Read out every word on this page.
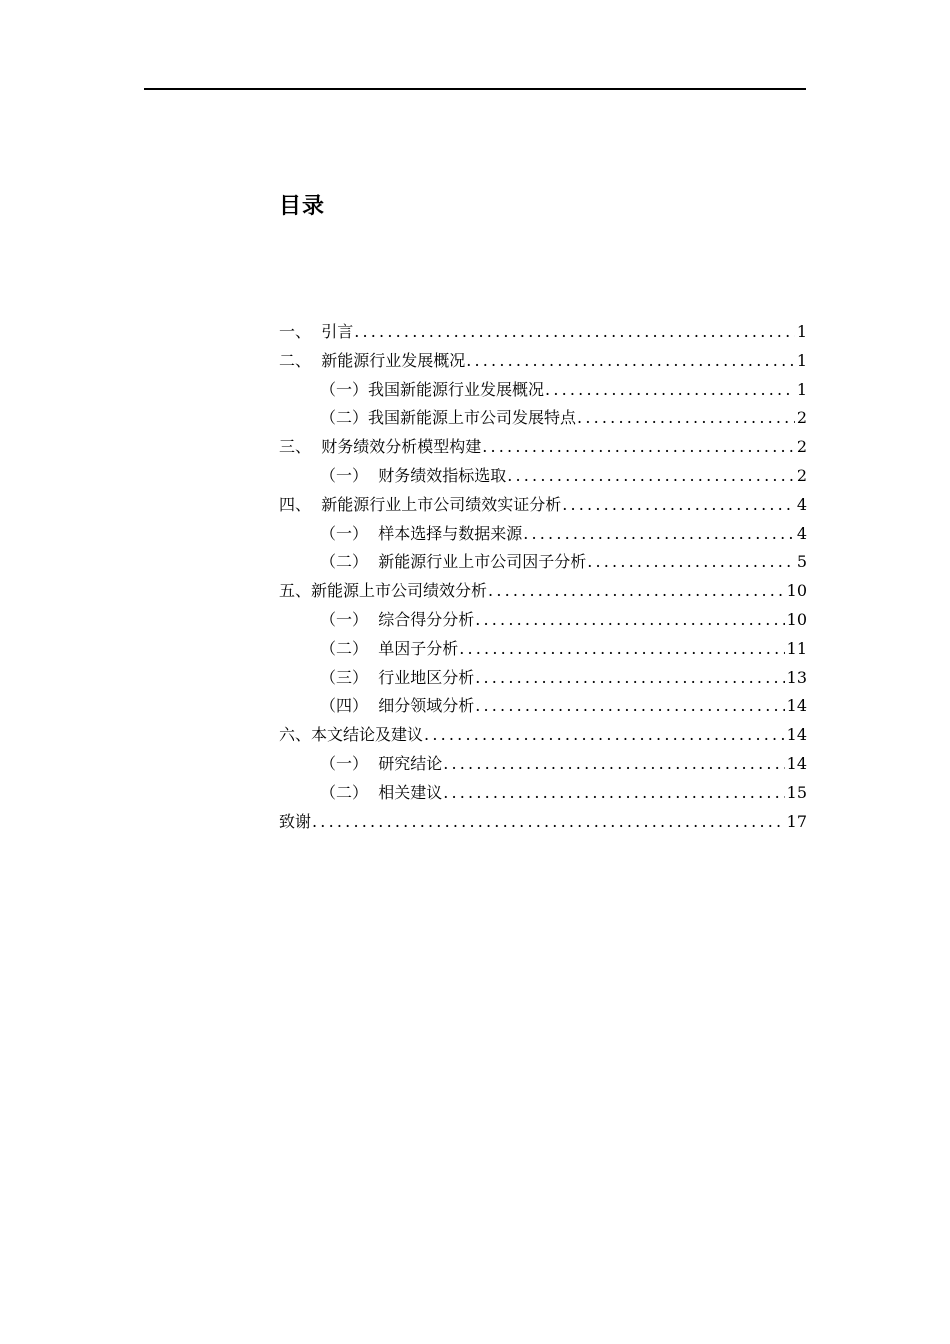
目录
一、 引言 .....	1
二、 新能源行业发展概况 .....	1
（一） 我国新能源行业发展概况 .....	1
（二） 我国新能源上市公司发展特点 .....	2
三、 财务绩效分析模型构建 .....	2
（一） 财务绩效指标选取 .....	2
四、 新能源行业上市公司绩效实证分析 .....	4
（一） 样本选择与数据来源 .....	4
（二） 新能源行业上市公司因子分析 .....	5
五、 新能源上市公司绩效分析 .....	10
（一） 综合得分分析 .....	10
（二） 单因子分析 .....	11
（三） 行业地区分析 .....	13
（四） 细分领域分析 .....	14
六、 本文结论及建议 .....	14
（一） 研究结论 .....	14
（二） 相关建议 .....	15
致谢 .....	17
